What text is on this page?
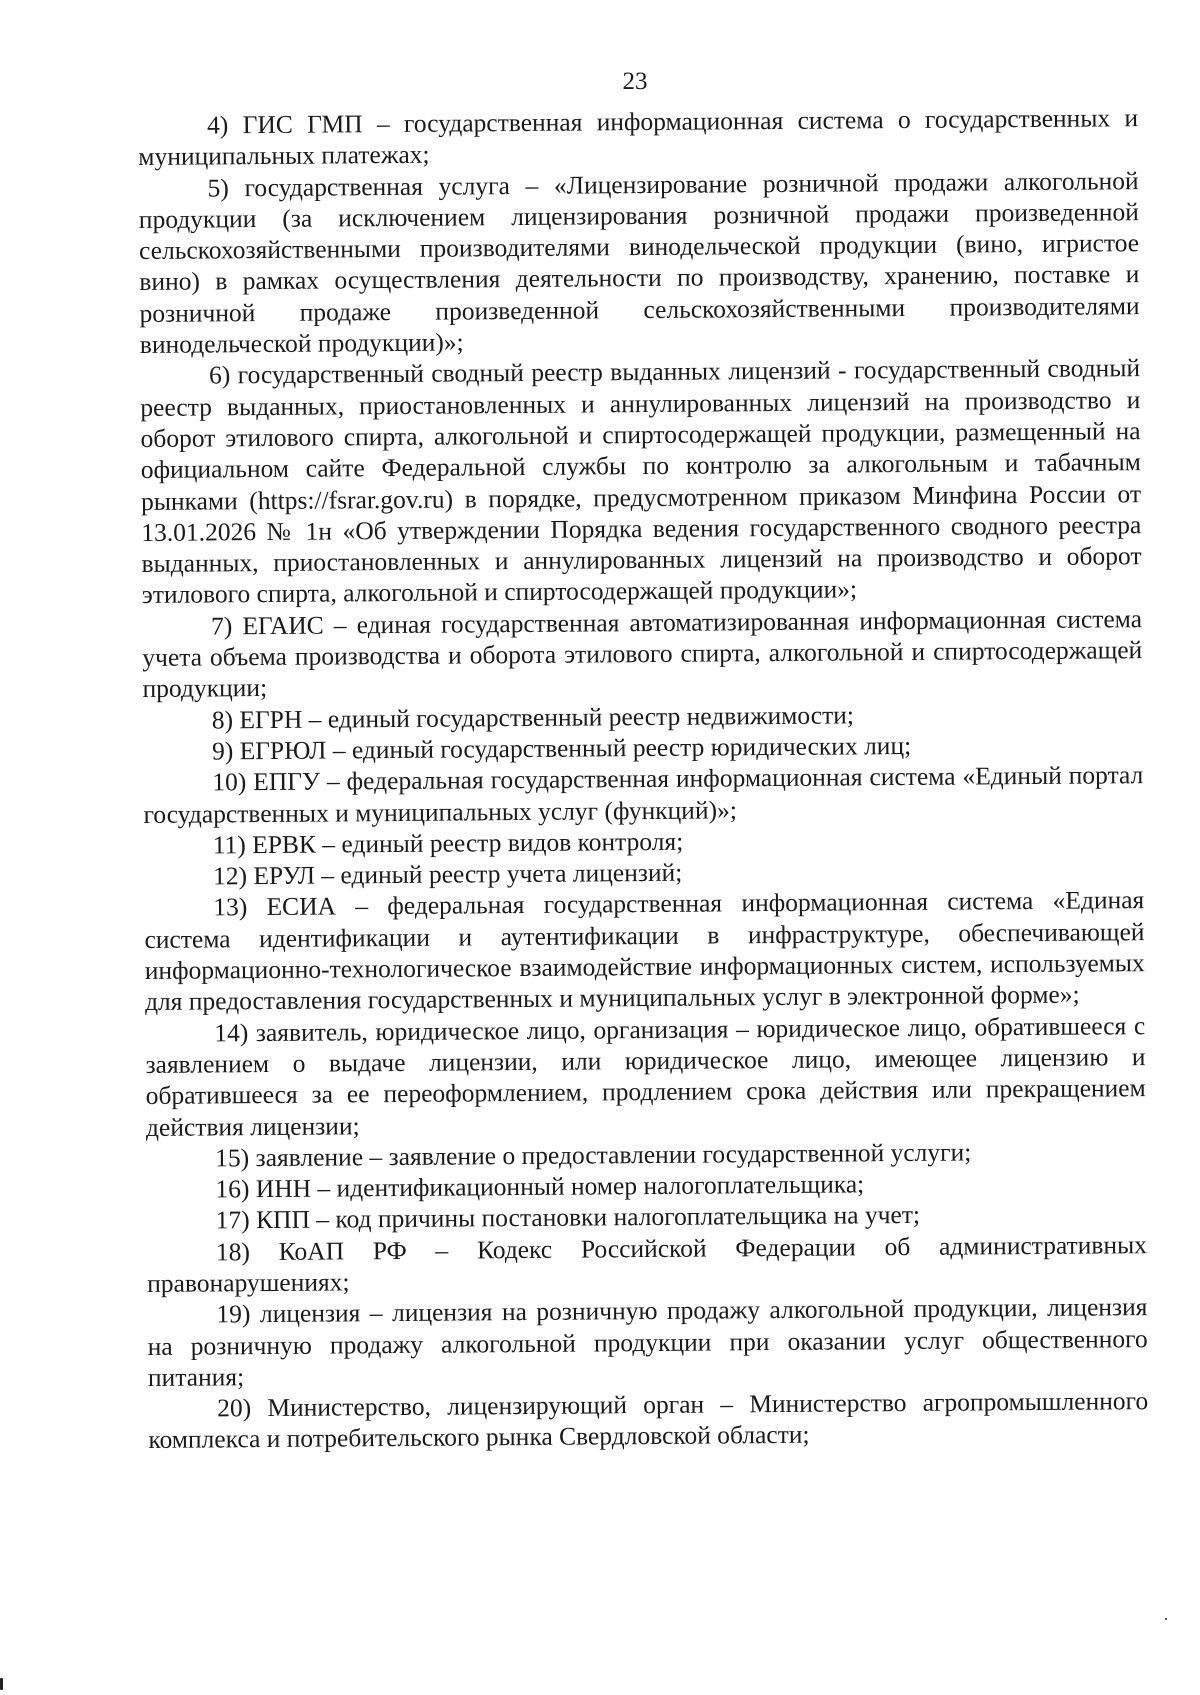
23

4) ГИС ГМП – государственная информационная система о государственных и муниципальных платежах;

5) государственная услуга – «Лицензирование розничной продажи алкогольной продукции (за исключением лицензирования розничной продажи произведенной сельскохозяйственными производителями винодельческой продукции (вино, игристое вино) в рамках осуществления деятельности по производству, хранению, поставке и розничной продаже произведенной сельскохозяйственными производителями винодельческой продукции)»;

6) государственный сводный реестр выданных лицензий - государственный сводный реестр выданных, приостановленных и аннулированных лицензий на производство и оборот этилового спирта, алкогольной и спиртосодержащей продукции, размещенный на официальном сайте Федеральной службы по контролю за алкогольным и табачным рынками (https://fsrar.gov.ru) в порядке, предусмотренном приказом Минфина России от 13.01.2026 № 1н «Об утверждении Порядка ведения государственного сводного реестра выданных, приостановленных и аннулированных лицензий на производство и оборот этилового спирта, алкогольной и спиртосодержащей продукции»;

7) ЕГАИС – единая государственная автоматизированная информационная система учета объема производства и оборота этилового спирта, алкогольной и спиртосодержащей продукции;

8) ЕГРН – единый государственный реестр недвижимости;

9) ЕГРЮЛ – единый государственный реестр юридических лиц;

10) ЕПГУ – федеральная государственная информационная система «Единый портал государственных и муниципальных услуг (функций)»;

11) ЕРВК – единый реестр видов контроля;

12) ЕРУЛ – единый реестр учета лицензий;

13) ЕСИА – федеральная государственная информационная система «Единая система идентификации и аутентификации в инфраструктуре, обеспечивающей информационно-технологическое взаимодействие информационных систем, используемых для предоставления государственных и муниципальных услуг в электронной форме»;

14) заявитель, юридическое лицо, организация – юридическое лицо, обратившееся с заявлением о выдаче лицензии, или юридическое лицо, имеющее лицензию и обратившееся за ее переоформлением, продлением срока действия или прекращением действия лицензии;

15) заявление – заявление о предоставлении государственной услуги;

16) ИНН – идентификационный номер налогоплательщика;

17) КПП – код причины постановки налогоплательщика на учет;

18) КоАП РФ – Кодекс Российской Федерации об административных правонарушениях;

19) лицензия – лицензия на розничную продажу алкогольной продукции, лицензия на розничную продажу алкогольной продукции при оказании услуг общественного питания;

20) Министерство, лицензирующий орган – Министерство агропромышленного комплекса и потребительского рынка Свердловской области;
